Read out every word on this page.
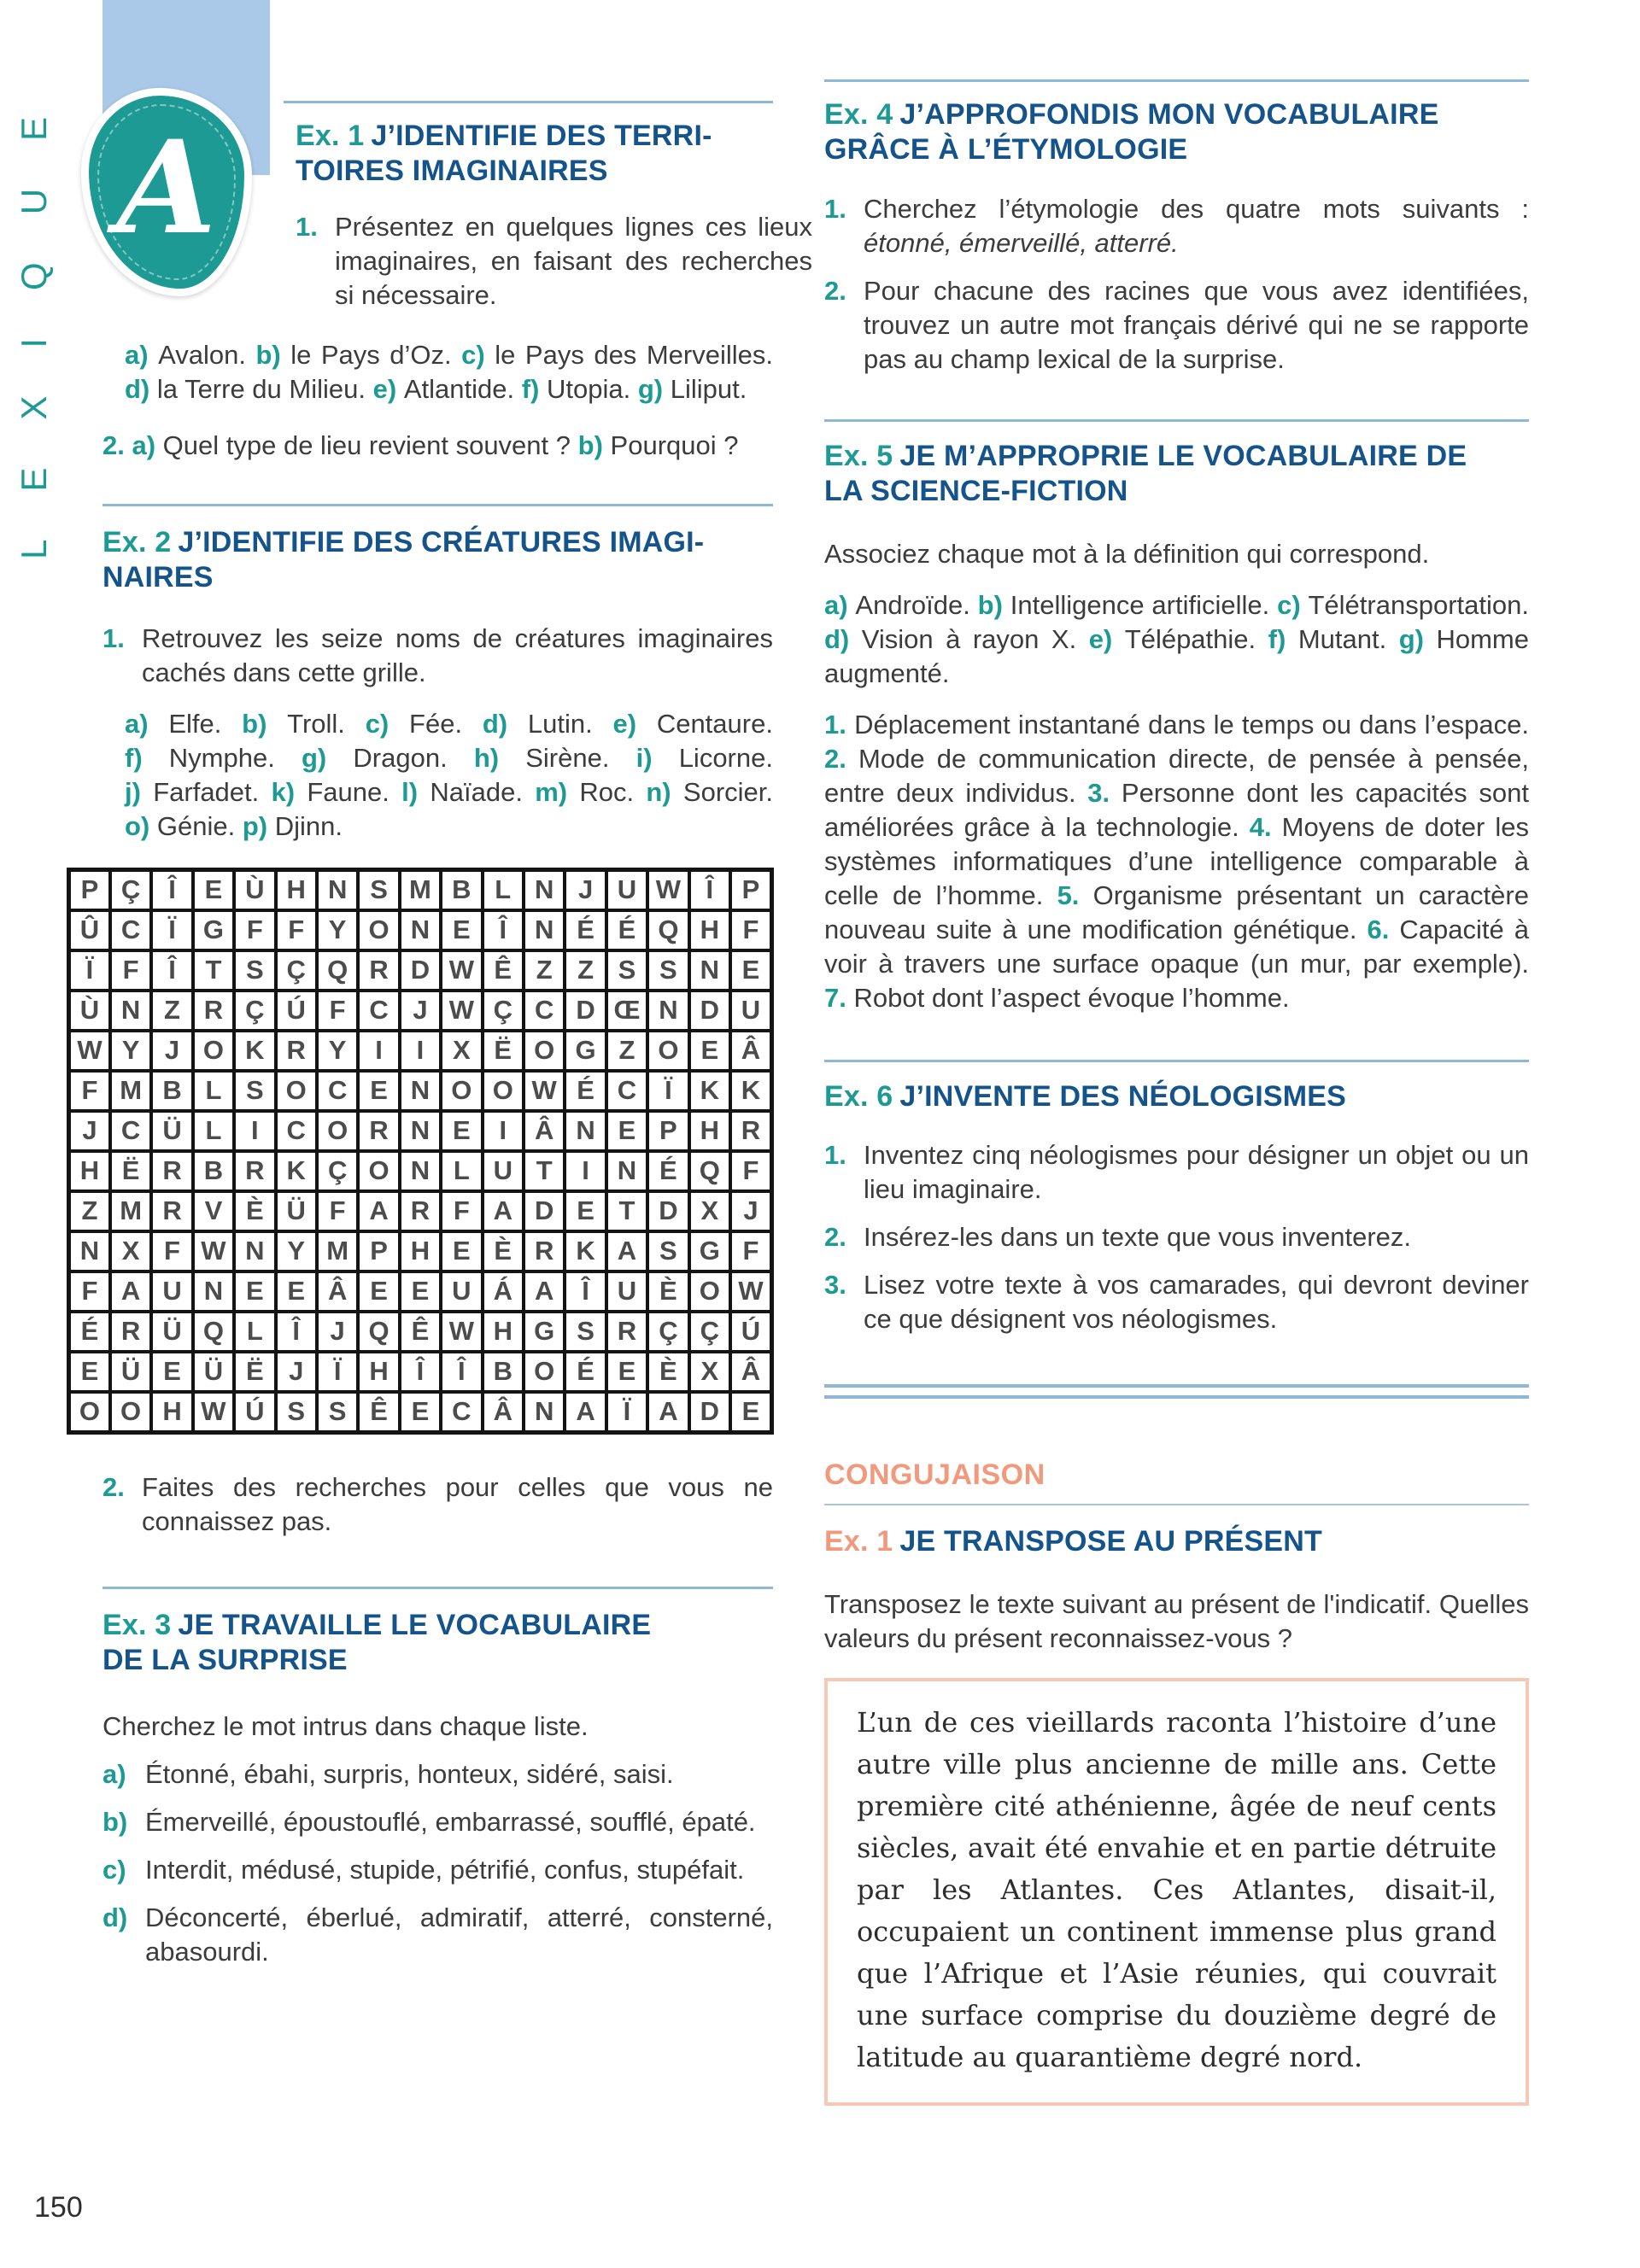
LEXIQUE A	Ex. 1 J’IDENTIFIE DES TERRI-
TOIRES IMAGINAIRES
1. Présentez en quelques lignes ces lieux imaginaires, en faisant des recherches si nécessaire.

a) Avalon. b) le Pays d’Oz. c) le Pays des Merveilles. d) la Terre du Milieu. e) Atlantide. f) Utopia. g) Liliput.

2. a) Quel type de lieu revient souvent ? b) Pourquoi ?

Ex. 2 J’IDENTIFIE DES CRÉATURES IMAGI-
NAIRES
1. Retrouvez les seize noms de créatures imaginaires cachés dans cette grille.

a) Elfe. b) Troll. c) Fée. d) Lutin. e) Centaure. f) Nymphe. g) Dragon. h) Sirène. i) Licorne. j) Farfadet. k) Faune. l) Naïade. m) Roc. n) Sorcier. o) Génie. p) Djinn.

P	Ç	Î	E	Ù	H	N	S	M	B	L	N	J	U	W	Î	P
Û	C	Ï	G	F	F	Y	O	N	E	Î	N	É	É	Q	H	F
Ï	F	Î	T	S	Ç	Q	R	D	W	Ê	Z	Z	S	S	N	E
Ù	N	Z	R	Ç	Ú	F	C	J	W	Ç	C	D	Œ	N	D	U
W	Y	J	O	K	R	Y	I	I	X	Ë	O	G	Z	O	E	Â
F	M	B	L	S	O	C	E	N	O	O	W	É	C	Ï	K	K
J	C	Ü	L	I	C	O	R	N	E	I	Â	N	E	P	H	R
H	Ë	R	B	R	K	Ç	O	N	L	U	T	I	N	É	Q	F
Z	M	R	V	È	Ü	F	A	R	F	A	D	E	T	D	X	J
N	X	F	W	N	Y	M	P	H	E	È	R	K	A	S	G	F
F	A	U	N	E	E	Â	E	E	U	Á	A	Î	U	È	O	W
É	R	Ü	Q	L	Î	J	Q	Ê	W	H	G	S	R	Ç	Ç	Ú
E	Ü	E	Ü	Ë	J	Ï	H	Î	Î	B	O	É	E	È	X	Â
O	O	H	W	Ú	S	S	Ê	E	C	Â	N	A	Ï	A	D	E
2. Faites des recherches pour celles que vous ne connaissez pas.
Ex. 3 JE TRAVAILLE LE VOCABULAIRE
DE LA SURPRISE

Cherchez le mot intrus dans chaque liste.

a) Étonné, ébahi, surpris, honteux, sidéré, saisi.
b) Émerveillé, époustouflé, embarrassé, soufflé, épaté.
c) Interdit, médusé, stupide, pétrifié, confus, stupéfait.
d) Déconcerté, éberlué, admiratif, atterré, consterné, abasourdi.
Ex. 4 J’APPROFONDIS MON VOCABULAIRE
GRÂCE À L’ÉTYMOLOGIE
1. Cherchez l’étymologie des quatre mots suivants : étonné, émerveillé, atterré.
2. Pour chacune des racines que vous avez identifiées, trouvez un autre mot français dérivé qui ne se rapporte pas au champ lexical de la surprise.
Ex. 5 JE M’APPROPRIE LE VOCABULAIRE DE
LA SCIENCE-FICTION

Associez chaque mot à la définition qui correspond.

a) Androïde. b) Intelligence artificielle. c) Télétransportation. d) Vision à rayon X. e) Télépathie. f) Mutant. g) Homme augmenté.

1. Déplacement instantané dans le temps ou dans l’espace. 2. Mode de communication directe, de pensée à pensée, entre deux individus. 3. Personne dont les capacités sont améliorées grâce à la technologie. 4. Moyens de doter les systèmes informatiques d’une intelligence comparable à celle de l’homme. 5. Organisme présentant un caractère nouveau suite à une modification génétique. 6. Capacité à voir à travers une surface opaque (un mur, par exemple). 7. Robot dont l’aspect évoque l’homme.

Ex. 6 J’INVENTE DES NÉOLOGISMES
1. Inventez cinq néologismes pour désigner un objet ou un lieu imaginaire.
2. Insérez-les dans un texte que vous inventerez.
3. Lisez votre texte à vos camarades, qui devront deviner ce que désignent vos néologismes.
CONGUJAISON
Ex. 1 JE TRANSPOSE AU PRÉSENT

Transposez le texte suivant au présent de l'indicatif. Quelles valeurs du présent reconnaissez-vous ?

L’un de ces vieillards raconta l’histoire d’une autre ville plus ancienne de mille ans. Cette première cité athénienne, âgée de neuf cents siècles, avait été envahie et en partie détruite par les Atlantes. Ces Atlantes, disait-il, occupaient un continent immense plus grand que l’Afrique et l’Asie réunies, qui couvrait une surface comprise du douzième degré de latitude au quarantième degré nord.

150
